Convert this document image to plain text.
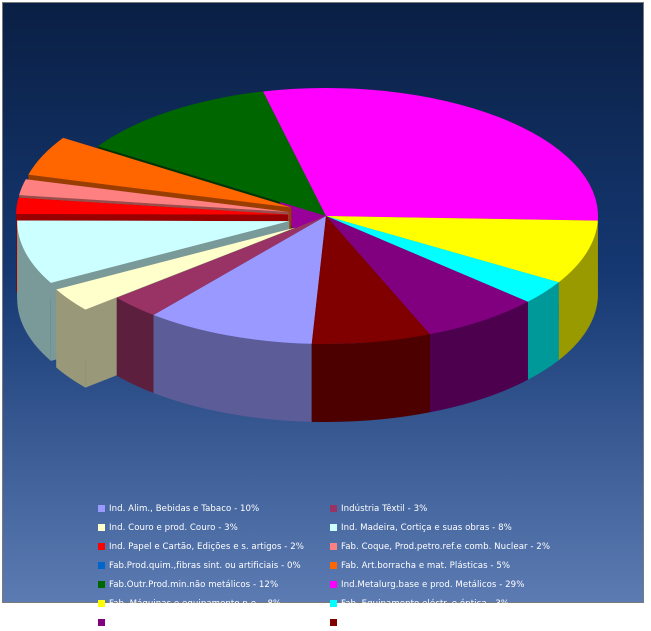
Ind. Alim., Bebidas e Tabaco - 10%	Indústria Têxtil - 3%
Ind. Couro e prod. Couro - 3%	Ind. Madeira, Cortiça e suas obras - 8%
Ind. Papel e Cartão, Edições e s. artigos - 2%	Fab. Coque, Prod.petro.ref.e comb. Nuclear - 2%
Fab.Prod.quim.,fibras sint. ou artificiais - 0%	Fab. Art.borracha e mat. Plásticas - 5%
Fab.Outr.Prod.min.não metálicos - 12%	Ind.Metalurg.base e prod. Metálicos - 29%
Fab. Máquinas e equipamento,n.e. - 8%	Fab. Equipamento eléctr. e óptica - 3%
Fab. Material de transporte - 7%	Ind. Transformadoras,n.e. - 7%
